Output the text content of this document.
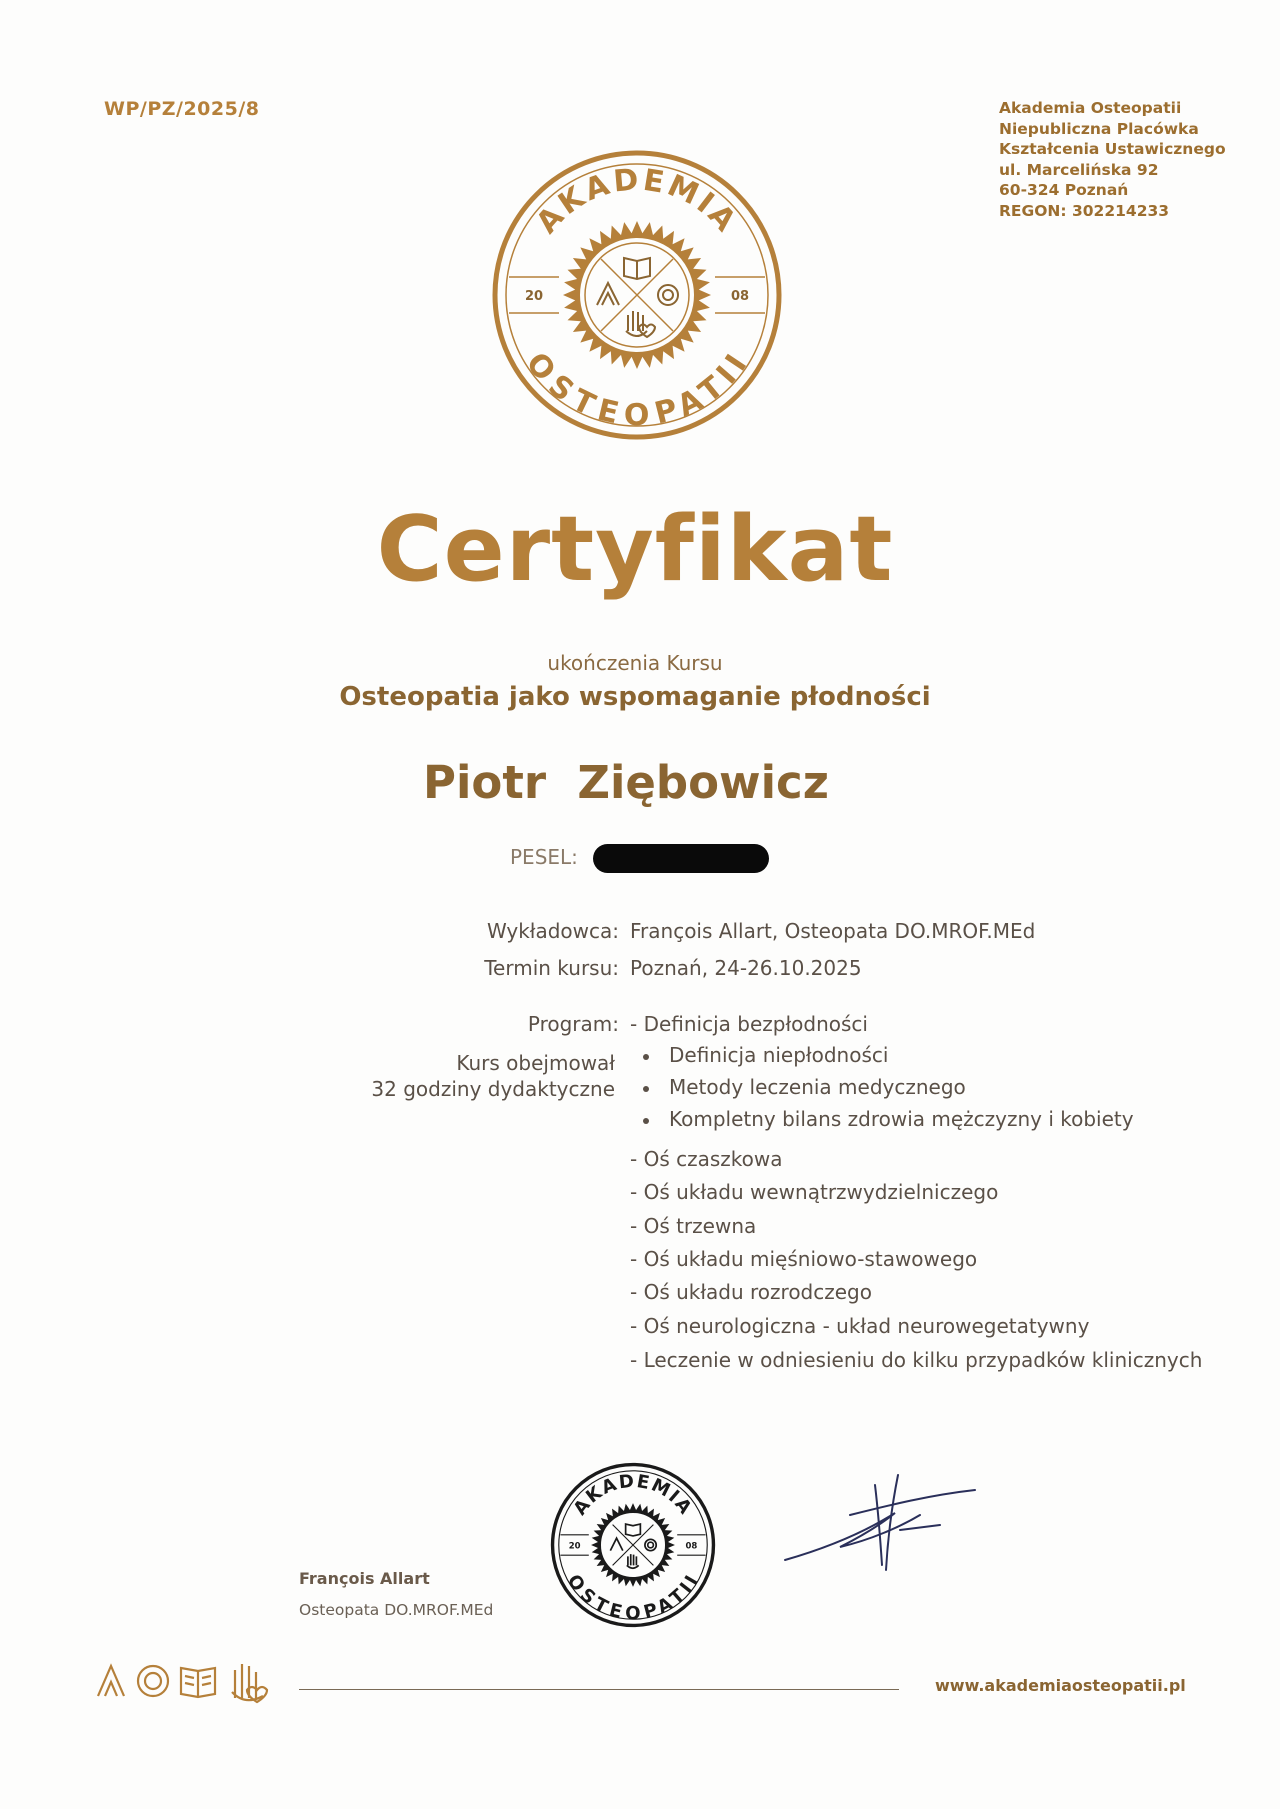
WP/PZ/2025/8	Akademia Osteopatii
Niepubliczna Placówka
Kształcenia Ustawicznego
ul. Marcelińska 92
60-324 Poznań
REGON: 302214233
AKADEMIA
OSTEOPATII
20	08
Certyfikat
ukończenia Kursu
Osteopatia jako wspomaganie płodności
Piotr  Ziębowicz
PESEL:
Wykładowca: François Allart, Osteopata DO.MROF.MEd
Termin kursu: Poznań, 24-26.10.2025
Program:
Kurs obejmował
32 godziny dydaktyczne
- Definicja bezpłodności
Definicja niepłodności
Metody leczenia medycznego
Kompletny bilans zdrowia mężczyzny i kobiety
- Oś czaszkowa
- Oś układu wewnątrzwydzielniczego
- Oś trzewna
- Oś układu mięśniowo-stawowego
- Oś układu rozrodczego
- Oś neurologiczna - układ neurowegetatywny
- Leczenie w odniesieniu do kilku przypadków klinicznych
François Allart
Osteopata DO.MROF.MEd
AKADEMIA
OSTEOPATII
20	08
www.akademiaosteopatii.pl
